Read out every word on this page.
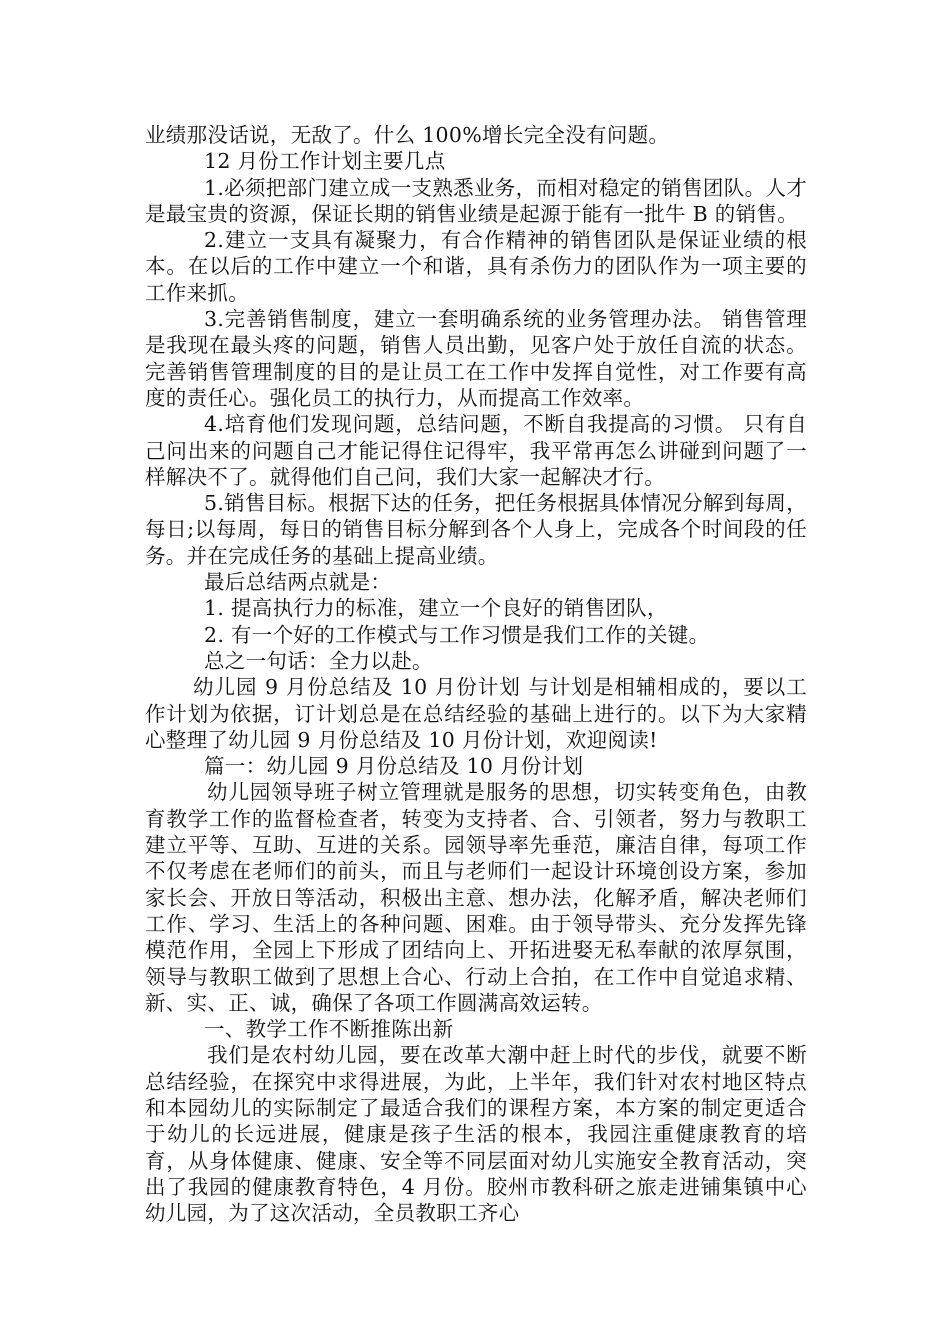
业绩那没话说，无敌了。什么 100%增长完全没有问题。

12 月份工作计划主要几点

1.必须把部门建立成一支熟悉业务，而相对稳定的销售团队。人才是最宝贵的资源，保证长期的销售业绩是起源于能有一批牛 B 的销售。

2.建立一支具有凝聚力，有合作精神的销售团队是保证业绩的根本。在以后的工作中建立一个和谐，具有杀伤力的团队作为一项主要的工作来抓。

3.完善销售制度，建立一套明确系统的业务管理办法。 销售管理是我现在最头疼的问题，销售人员出勤，见客户处于放任自流的状态。完善销售管理制度的目的是让员工在工作中发挥自觉性，对工作要有高度的责任心。强化员工的执行力，从而提高工作效率。

4.培育他们发现问题，总结问题，不断自我提高的习惯。 只有自己问出来的问题自己才能记得住记得牢，我平常再怎么讲碰到问题了一样解决不了。就得他们自己问，我们大家一起解决才行。

5.销售目标。根据下达的任务，把任务根据具体情况分解到每周，每日;以每周，每日的销售目标分解到各个人身上，完成各个时间段的任务。并在完成任务的基础上提高业绩。

最后总结两点就是：

1. 提高执行力的标准，建立一个良好的销售团队，

2. 有一个好的工作模式与工作习惯是我们工作的关键。

总之一句话：全力以赴。

幼儿园 9 月份总结及 10 月份计划 与计划是相辅相成的，要以工作计划为依据，订计划总是在总结经验的基础上进行的。以下为大家精心整理了幼儿园 9 月份总结及 10 月份计划，欢迎阅读!

篇一：幼儿园 9 月份总结及 10 月份计划

幼儿园领导班子树立管理就是服务的思想，切实转变角色，由教育教学工作的监督检查者，转变为支持者、合、引领者，努力与教职工建立平等、互助、互进的关系。园领导率先垂范，廉洁自律，每项工作不仅考虑在老师们的前头，而且与老师们一起设计环境创设方案，参加家长会、开放日等活动，积极出主意、想办法，化解矛盾，解决老师们工作、学习、生活上的各种问题、困难。由于领导带头、充分发挥先锋模范作用，全园上下形成了团结向上、开拓进娶无私奉献的浓厚氛围，领导与教职工做到了思想上合心、行动上合拍，在工作中自觉追求精、新、实、正、诚，确保了各项工作圆满高效运转。

一、教学工作不断推陈出新

我们是农村幼儿园，要在改革大潮中赶上时代的步伐，就要不断总结经验，在探究中求得进展，为此，上半年，我们针对农村地区特点和本园幼儿的实际制定了最适合我们的课程方案，本方案的制定更适合于幼儿的长远进展，健康是孩子生活的根本，我园注重健康教育的培育，从身体健康、健康、安全等不同层面对幼儿实施安全教育活动，突出了我园的健康教育特色，4 月份。胶州市教科研之旅走进铺集镇中心幼儿园，为了这次活动，全员教职工齐心
